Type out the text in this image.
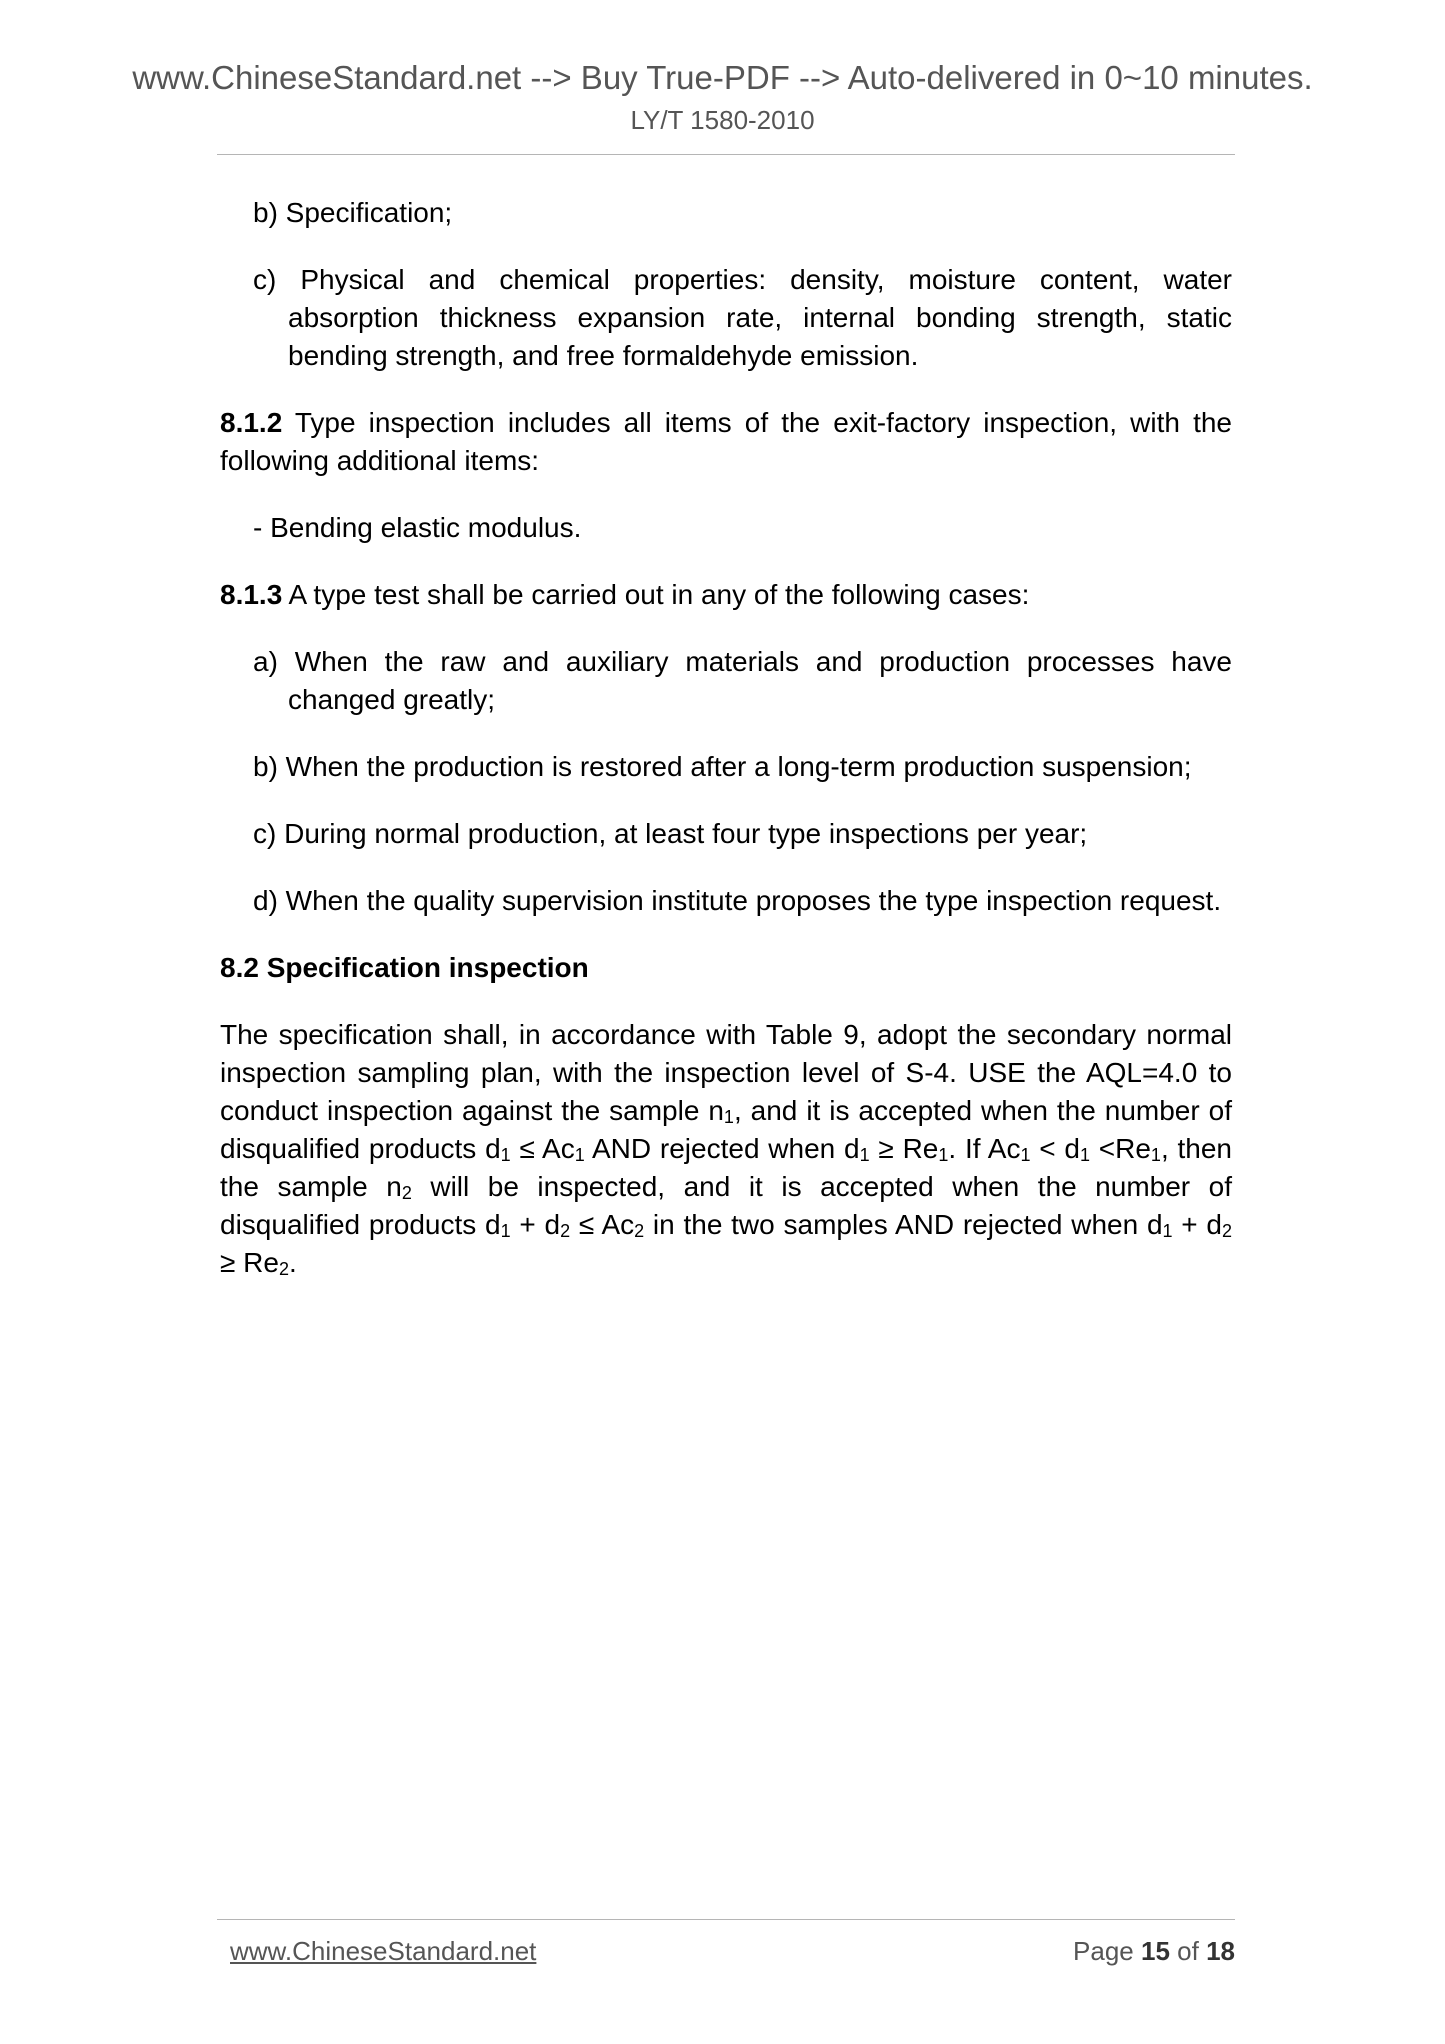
www.ChineseStandard.net --> Buy True-PDF --> Auto-delivered in 0~10 minutes.
LY/T 1580-2010

b) Specification;

c) Physical and chemical properties: density, moisture content, water absorption thickness expansion rate, internal bonding strength, static bending strength, and free formaldehyde emission.

8.1.2 Type inspection includes all items of the exit-factory inspection, with the following additional items:

- Bending elastic modulus.

8.1.3 A type test shall be carried out in any of the following cases:

a) When the raw and auxiliary materials and production processes have changed greatly;

b) When the production is restored after a long-term production suspension;

c) During normal production, at least four type inspections per year;

d) When the quality supervision institute proposes the type inspection request.

8.2 Specification inspection

The specification shall, in accordance with Table 9, adopt the secondary normal inspection sampling plan, with the inspection level of S-4. USE the AQL=4.0 to conduct inspection against the sample $n_1$, and it is accepted when the number of disqualified products $d_1 \le Ac_1$ AND rejected when $d_1 \ge Re_1$. If $Ac_1 < d_1 <Re_1$, then the sample $n_2$ will be inspected, and it is accepted when the number of disqualified products $d_1 + d_2 \le Ac_2$ in the two samples AND rejected when $d_1 + d_2 \ge Re_2$.

www.ChineseStandard.net	Page 15 of 18
